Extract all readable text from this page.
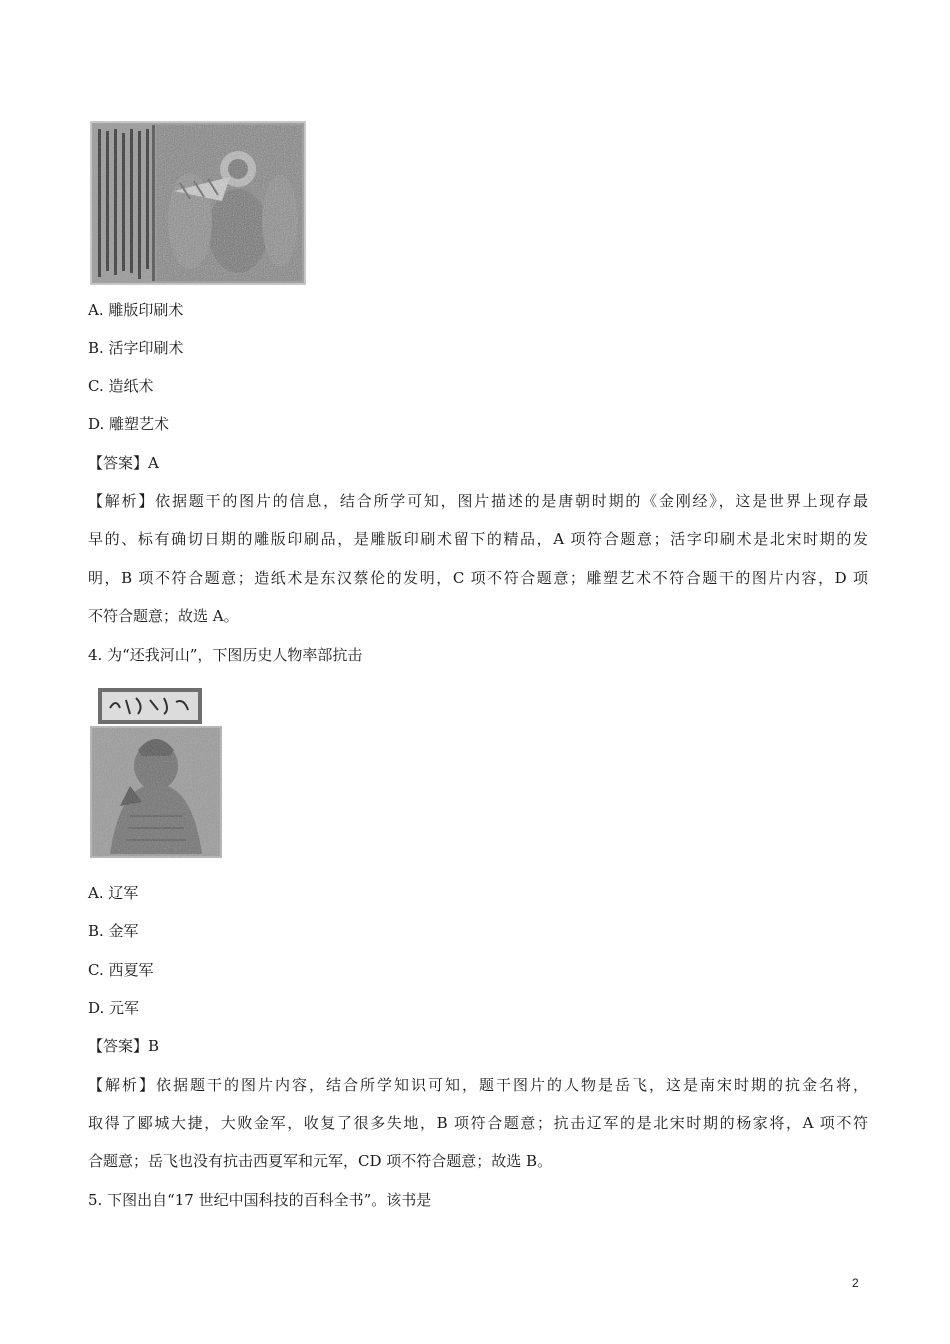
A. 雕版印刷术
B. 活字印刷术
C. 造纸术
D. 雕塑艺术
【答案】A
【解析】依据题干的图片的信息，结合所学可知，图片描述的是唐朝时期的《金刚经》，这是世界上现存最
早的、标有确切日期的雕版印刷品，是雕版印刷术留下的精品，A 项符合题意；活字印刷术是北宋时期的发
明，B 项不符合题意；造纸术是东汉蔡伦的发明，C 项不符合题意；雕塑艺术不符合题干的图片内容，D 项
不符合题意；故选 A。
4. 为“还我河山”，下图历史人物率部抗击
A. 辽军
B. 金军
C. 西夏军
D. 元军
【答案】B
【解析】依据题干的图片内容，结合所学知识可知，题干图片的人物是岳飞，这是南宋时期的抗金名将，
取得了郾城大捷，大败金军，收复了很多失地，B 项符合题意；抗击辽军的是北宋时期的杨家将，A 项不符
合题意；岳飞也没有抗击西夏军和元军，CD 项不符合题意；故选 B。
5. 下图出自“17 世纪中国科技的百科全书”。该书是
2
